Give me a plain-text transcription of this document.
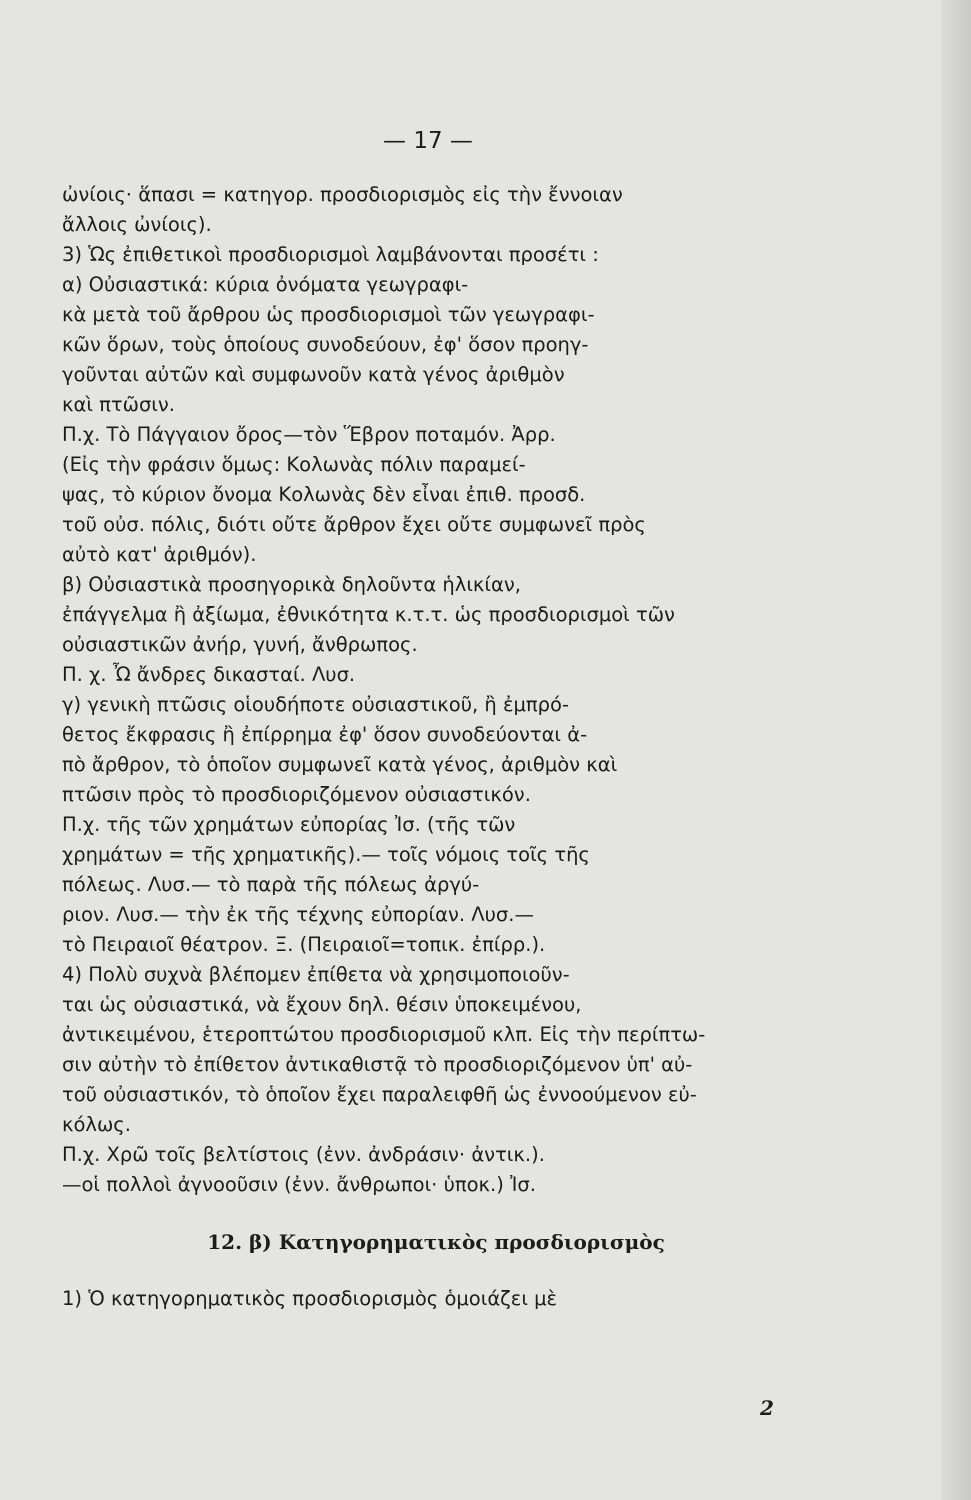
— 17 —
ὠνίοις· ἅπασι = κατηγορ. προσδιορισμὸς εἰς τὴν ἔννοιαν
ἄλλοις ὠνίοις).
3) Ὡς ἐπιθετικοὶ προσδιορισμοὶ λαμβάνονται προσέτι :
α) Οὐσιαστικά: κύρια ὀνόματα γεωγραφι-
κὰ μετὰ τοῦ ἄρθρου ὡς προσδιορισμοὶ τῶν γεωγραφι-
κῶν ὅρων, τοὺς ὁποίους συνοδεύουν, ἐφ' ὅσον προηγ-
γοῦνται αὐτῶν καὶ συμφωνοῦν κατὰ γένος ἀριθμὸν
καὶ πτῶσιν.
Π.χ. Τὸ Πάγγαιον ὄρος—τὸν Ἕβρον ποταμόν. Ἀρρ.
(Εἰς τὴν φράσιν ὅμως: Κολωνὰς πόλιν παραμεί-
ψας, τὸ κύριον ὄνομα Κολωνὰς δὲν εἶναι ἐπιθ. προσδ.
τοῦ οὐσ. πόλις, διότι οὔτε ἄρθρον ἔχει οὔτε συμφωνεῖ πρὸς
αὐτὸ κατ' ἀριθμόν).
β) Οὐσιαστικὰ προσηγορικὰ δηλοῦντα ἡλικίαν,
ἐπάγγελμα ἢ ἀξίωμα, ἐθνικότητα κ.τ.τ. ὡς προσδιορισμοὶ τῶν
οὐσιαστικῶν ἀνήρ, γυνή, ἄνθρωπος.
Π. χ. Ὦ ἄνδρες δικασταί. Λυσ.
γ) γενικὴ πτῶσις οἱουδήποτε οὐσιαστικοῦ, ἢ ἐμπρό-
θετος ἔκφρασις ἢ ἐπίρρημα ἐφ' ὅσον συνοδεύονται ἀ-
πὸ ἄρθρον, τὸ ὁποῖον συμφωνεῖ κατὰ γένος, ἀριθμὸν καὶ
πτῶσιν πρὸς τὸ προσδιοριζόμενον οὐσιαστικόν.
Π.χ. τῆς τῶν χρημάτων εὐπορίας Ἰσ. (τῆς τῶν
χρημάτων = τῆς χρηματικῆς).— τοῖς νόμοις τοῖς τῆς
πόλεως. Λυσ.— τὸ παρὰ τῆς πόλεως ἀργύ-
ριον. Λυσ.— τὴν ἐκ τῆς τέχνης εὐπορίαν. Λυσ.—
τὸ Πειραιοῖ θέατρον. Ξ. (Πειραιοῖ=τοπικ. ἐπίρρ.).
4) Πολὺ συχνὰ βλέπομεν ἐπίθετα νὰ χρησιμοποιοῦν-
ται ὡς οὐσιαστικά, νὰ ἔχουν δηλ. θέσιν ὑποκειμένου,
ἀντικειμένου, ἑτεροπτώτου προσδιορισμοῦ κλπ. Εἰς τὴν περίπτω-
σιν αὐτὴν τὸ ἐπίθετον ἀντικαθιστᾷ τὸ προσδιοριζόμενον ὑπ' αὐ-
τοῦ οὐσιαστικόν, τὸ ὁποῖον ἔχει παραλειφθῆ ὡς ἐννοούμενον εὐ-
κόλως.
Π.χ. Χρῶ τοῖς βελτίστοις (ἐνν. ἀνδράσιν· ἀντικ.).
—οἱ πολλοὶ ἀγνοοῦσιν (ἐνν. ἄνθρωποι· ὑποκ.) Ἰσ.
12. β) Κατηγορηματικὸς προσδιορισμὸς
1) Ὁ κατηγορηματικὸς προσδιορισμὸς ὁμοιάζει μὲ
2
